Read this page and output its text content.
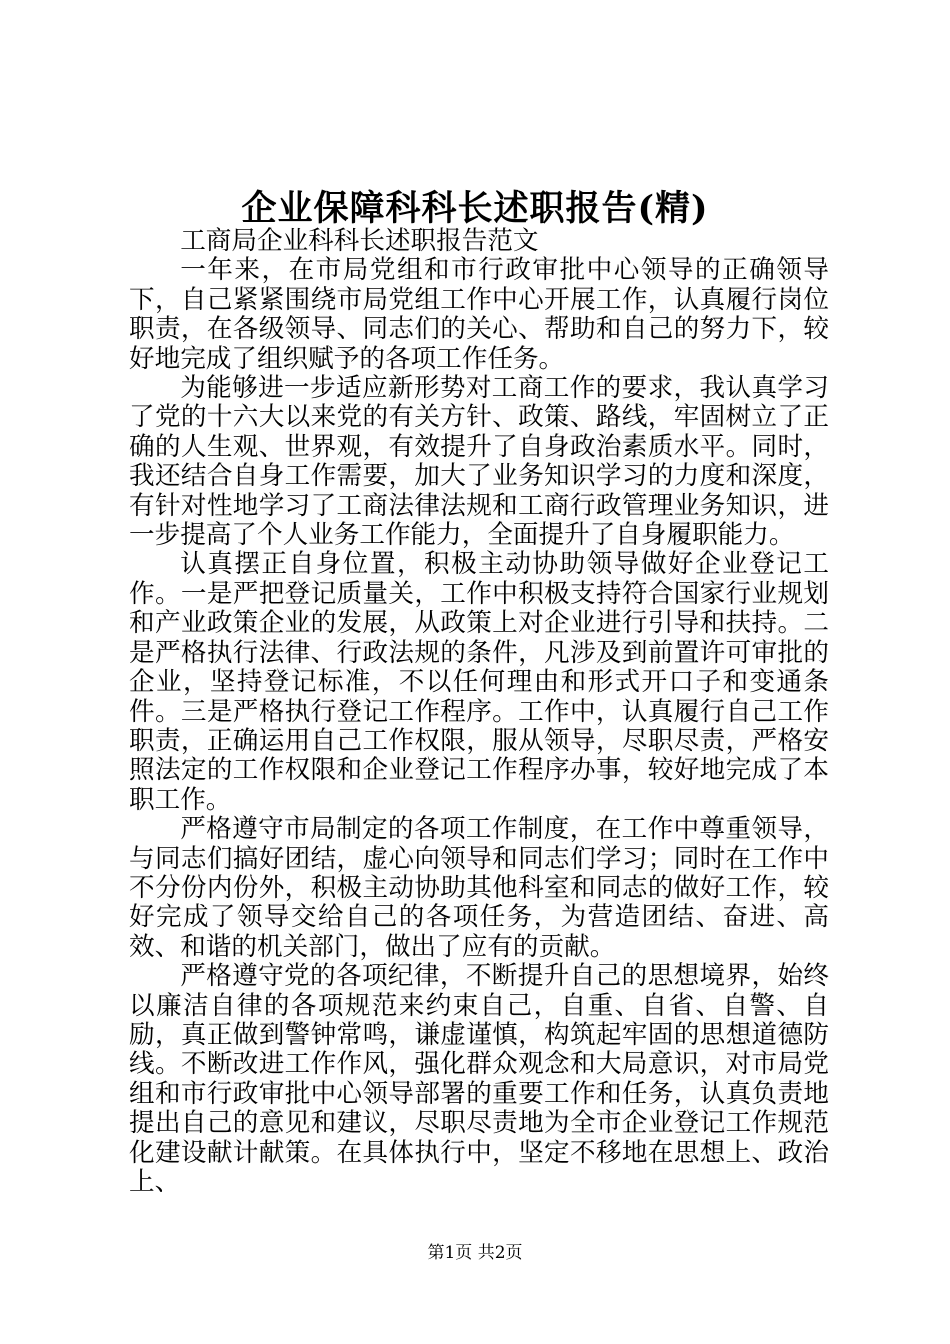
企业保障科科长述职报告(精)

工商局企业科科长述职报告范文

一年来，在市局党组和市行政审批中心领导的正确领导下，自己紧紧围绕市局党组工作中心开展工作，认真履行岗位职责，在各级领导、同志们的关心、帮助和自己的努力下，较好地完成了组织赋予的各项工作任务。

为能够进一步适应新形势对工商工作的要求，我认真学习了党的十六大以来党的有关方针、政策、路线，牢固树立了正确的人生观、世界观，有效提升了自身政治素质水平。同时，我还结合自身工作需要，加大了业务知识学习的力度和深度，有针对性地学习了工商法律法规和工商行政管理业务知识，进一步提高了个人业务工作能力，全面提升了自身履职能力。

认真摆正自身位置，积极主动协助领导做好企业登记工作。一是严把登记质量关，工作中积极支持符合国家行业规划和产业政策企业的发展，从政策上对企业进行引导和扶持。二是严格执行法律、行政法规的条件，凡涉及到前置许可审批的企业，坚持登记标准，不以任何理由和形式开口子和变通条件。三是严格执行登记工作程序。工作中，认真履行自己工作职责，正确运用自己工作权限，服从领导，尽职尽责，严格安照法定的工作权限和企业登记工作程序办事，较好地完成了本职工作。

严格遵守市局制定的各项工作制度，在工作中尊重领导，与同志们搞好团结，虚心向领导和同志们学习；同时在工作中不分份内份外，积极主动协助其他科室和同志的做好工作，较好完成了领导交给自己的各项任务，为营造团结、奋进、高效、和谐的机关部门，做出了应有的贡献。

严格遵守党的各项纪律，不断提升自己的思想境界，始终以廉洁自律的各项规范来约束自己，自重、自省、自警、自励，真正做到警钟常鸣，谦虚谨慎，构筑起牢固的思想道德防线。不断改进工作作风，强化群众观念和大局意识，对市局党组和市行政审批中心领导部署的重要工作和任务，认真负责地提出自己的意见和建议，尽职尽责地为全市企业登记工作规范化建设献计献策。在具体执行中，坚定不移地在思想上、政治上、

第1页 共2页
